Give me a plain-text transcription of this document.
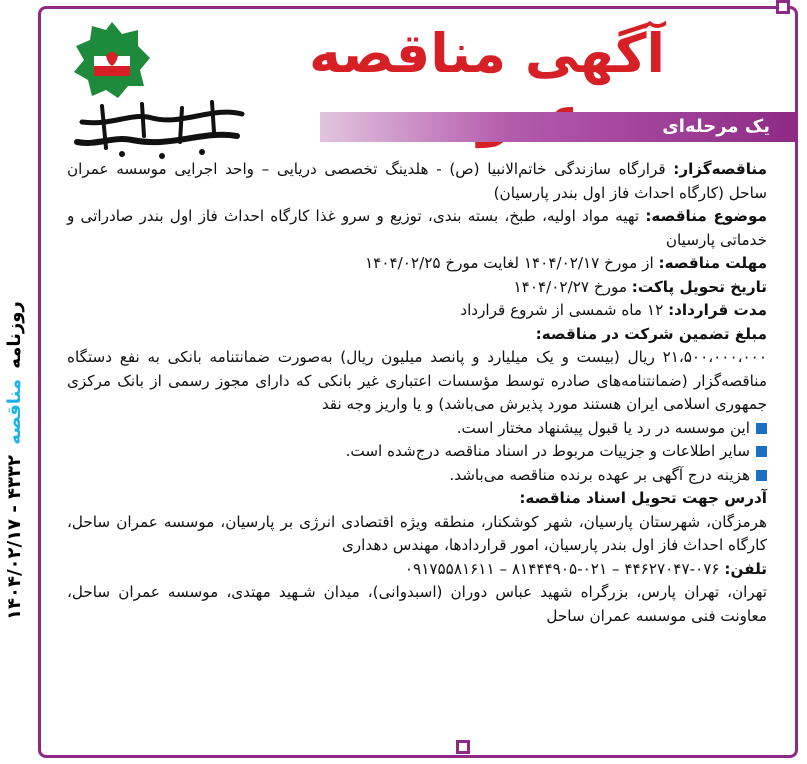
روزنامه مناقصه ۴۳۳۲ - ۱۴۰۴/۰۲/۱۷
آگهی مناقصه
یک مرحله‌ای

مناقصه‌گزار: قرارگاه سازندگی خاتم‌الانبیا (ص) - هلدینگ تخصصی دریایی – واحد اجرایی موسسه عمران ساحل (کارگاه احداث فاز اول بندر پارسیان)

موضوع مناقصه: تهیه مواد اولیه، طبخ، بسته بندی، توزیع و سرو غذا کارگاه احداث فاز اول بندر صادراتی و خدماتی پارسیان

مهلت مناقصه: از مورخ ۱۴۰۴/۰۲/۱۷ لغایت مورخ ۱۴۰۴/۰۲/۲۵

تاریخ تحویل پاکت: مورخ ۱۴۰۴/۰۲/۲۷

مدت قرارداد: ۱۲ ماه شمسی از شروع قرارداد

مبلغ تضمین شرکت در مناقصه:

۲۱،۵۰۰،۰۰۰،۰۰۰ ریال (بیست و یک میلیارد و پانصد میلیون ریال) به‌صورت ضمانتنامه بانکی به نفع دستگاه مناقصه‌گزار (ضمانتنامه‌های صادره توسط مؤسسات اعتباری غیر بانکی که دارای مجوز رسمی از بانک مرکزی جمهوری اسلامی ایران هستند مورد پذیرش می‌باشد) و یا واریز وجه نقد

این موسسه در رد یا قبول پیشنهاد مختار است.

سایر اطلاعات و جزییات مربوط در اسناد مناقصه درج‌شده است.

هزینه درج آگهی بر عهده برنده مناقصه می‌باشد.

آدرس جهت تحویل اسناد مناقصه:

هرمزگان، شهرستان پارسیان، شهر کوشکنار، منطقه ویژه اقتصادی انرژی بر پارسیان، موسسه عمران ساحل، کارگاه احداث فاز اول بندر پارسیان، امور قراردادها، مهندس دهداری

تلفن: ۰۷۶-۴۴۶۲۷۰۴۷ – ۰۲۱-۸۱۴۴۴۹۰۵ – ۰۹۱۷۵۵۸۱۶۱۱

تهران، تهران پارس، بزرگراه شهید عباس دوران (اسبدوانی)، میدان شـهید مهتدی، موسسه عمران ساحل، معاونت فنی موسسه عمران ساحل
